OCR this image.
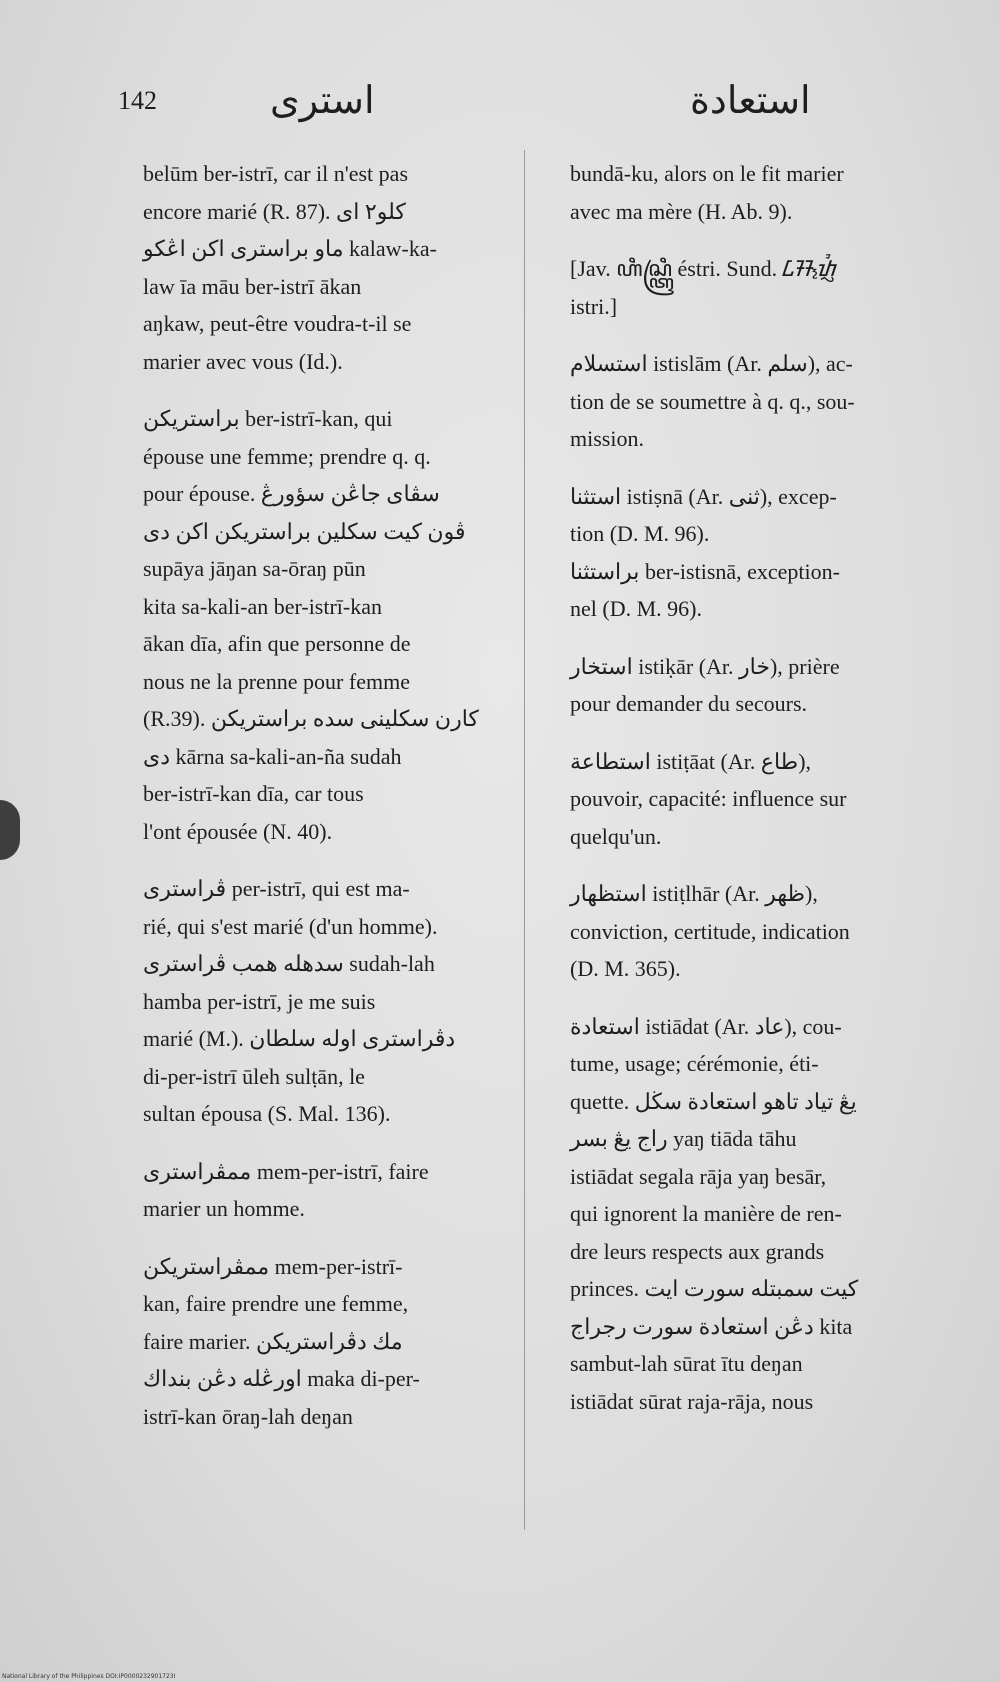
142	استرى	استعادة
belūm ber-istrī, car il n'est pas
encore marié (R. 87). كلو٢ اى
ماو براسترى اكن اڠكو kalaw-ka-
law īa māu ber-istrī ākan
aŋkaw, peut-être voudra-t-il se
marier avec vous (Id.).
براستريكن ber-istrī-kan, qui
épouse une femme; prendre q. q.
pour épouse. سڤاى جاڠن سؤورڠ
ڤون كيت سكلين براستريكن اكن دى
supāya jāŋan sa-ōraŋ pūn
kita sa-kali-an ber-istrī-kan
ākan dīa, afin que personne de
nous ne la prenne pour femme
(R.39). كارن سكلينى سده براستريكن
دى kārna sa-kali-an-ña sudah
ber-istrī-kan dīa, car tous
l'ont épousée (N. 40).
ڤراسترى per-istrī, qui est ma-
rié, qui s'est marié (d'un homme).
سدهله همب ڤراسترى sudah-lah
hamba per-istrī, je me suis
marié (M.). دڤراسترى اوله سلطان
di-per-istrī ūleh sulṭān, le
sultan épousa (S. Mal. 136).
ممڤراسترى mem-per-istrī, faire
marier un homme.
ممڤراستريكن mem-per-istrī-
kan, faire prendre une femme,
faire marier. مك دڤراستريكن
اورڠله دڠن بنداك maka di-per-
istrī-kan ōraŋ-lah deŋan
bundā-ku, alors on le fit marier
avec ma mère (H. Ab. 9).
[Jav. ꦲꦶꦱ꧀ꦠꦿꦶ éstri. Sund. ᮄᮞ᮪ᮒᮢᮤ
istri.]
استسلام istislām (Ar. سلم), ac-
tion de se soumettre à q. q., sou-
mission.
استثنا istiṣnā (Ar. ثنى), excep-
tion (D. M. 96).
براستثنا ber-istisnā, exception-
nel (D. M. 96).
استخار istiḳār (Ar. خار), prière
pour demander du secours.
استطاعة istiṭāat (Ar. طاع),
pouvoir, capacité: influence sur
quelqu'un.
استظهار istiṭlhār (Ar. ظهر),
conviction, certitude, indication
(D. M. 365).
استعادة istiādat (Ar. عاد), cou-
tume, usage; cérémonie, éti-
quette. يڠ تياد تاهو استعادة سڬل
راج يڠ بسر yaŋ tiāda tāhu
istiādat segala rāja yaŋ besār,
qui ignorent la manière de ren-
dre leurs respects aux grands
princes. كيت سمبتله سورت ايت
دڠن استعادة سورت رجراج kita
sambut-lah sūrat ītu deŋan
istiādat sūrat raja-rāja, nous
National Library of the Philippines DOI:IP0000232901723I
